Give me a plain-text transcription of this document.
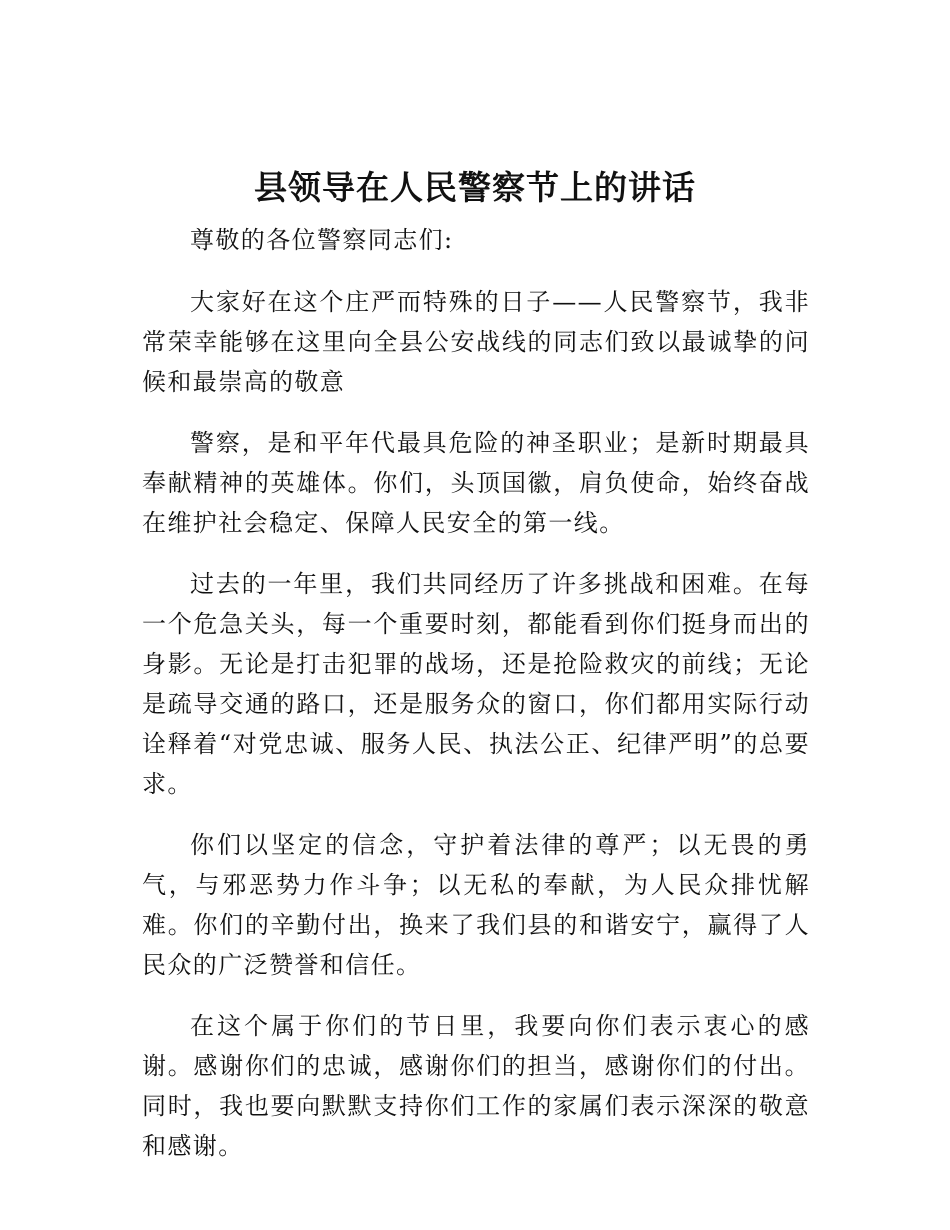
县领导在人民警察节上的讲话

尊敬的各位警察同志们:

大家好在这个庄严而特殊的日子——人民警察节，我非常荣幸能够在这里向全县公安战线的同志们致以最诚挚的问候和最崇高的敬意

警察，是和平年代最具危险的神圣职业；是新时期最具奉献精神的英雄体。你们，头顶国徽，肩负使命，始终奋战在维护社会稳定、保障人民安全的第一线。

过去的一年里，我们共同经历了许多挑战和困难。在每一个危急关头，每一个重要时刻，都能看到你们挺身而出的身影。无论是打击犯罪的战场，还是抢险救灾的前线；无论是疏导交通的路口，还是服务众的窗口，你们都用实际行动诠释着“对党忠诚、服务人民、执法公正、纪律严明”的总要求。

你们以坚定的信念，守护着法律的尊严；以无畏的勇气，与邪恶势力作斗争；以无私的奉献，为人民众排忧解难。你们的辛勤付出，换来了我们县的和谐安宁，赢得了人民众的广泛赞誉和信任。

在这个属于你们的节日里，我要向你们表示衷心的感谢。感谢你们的忠诚，感谢你们的担当，感谢你们的付出。同时，我也要向默默支持你们工作的家属们表示深深的敬意和感谢。
